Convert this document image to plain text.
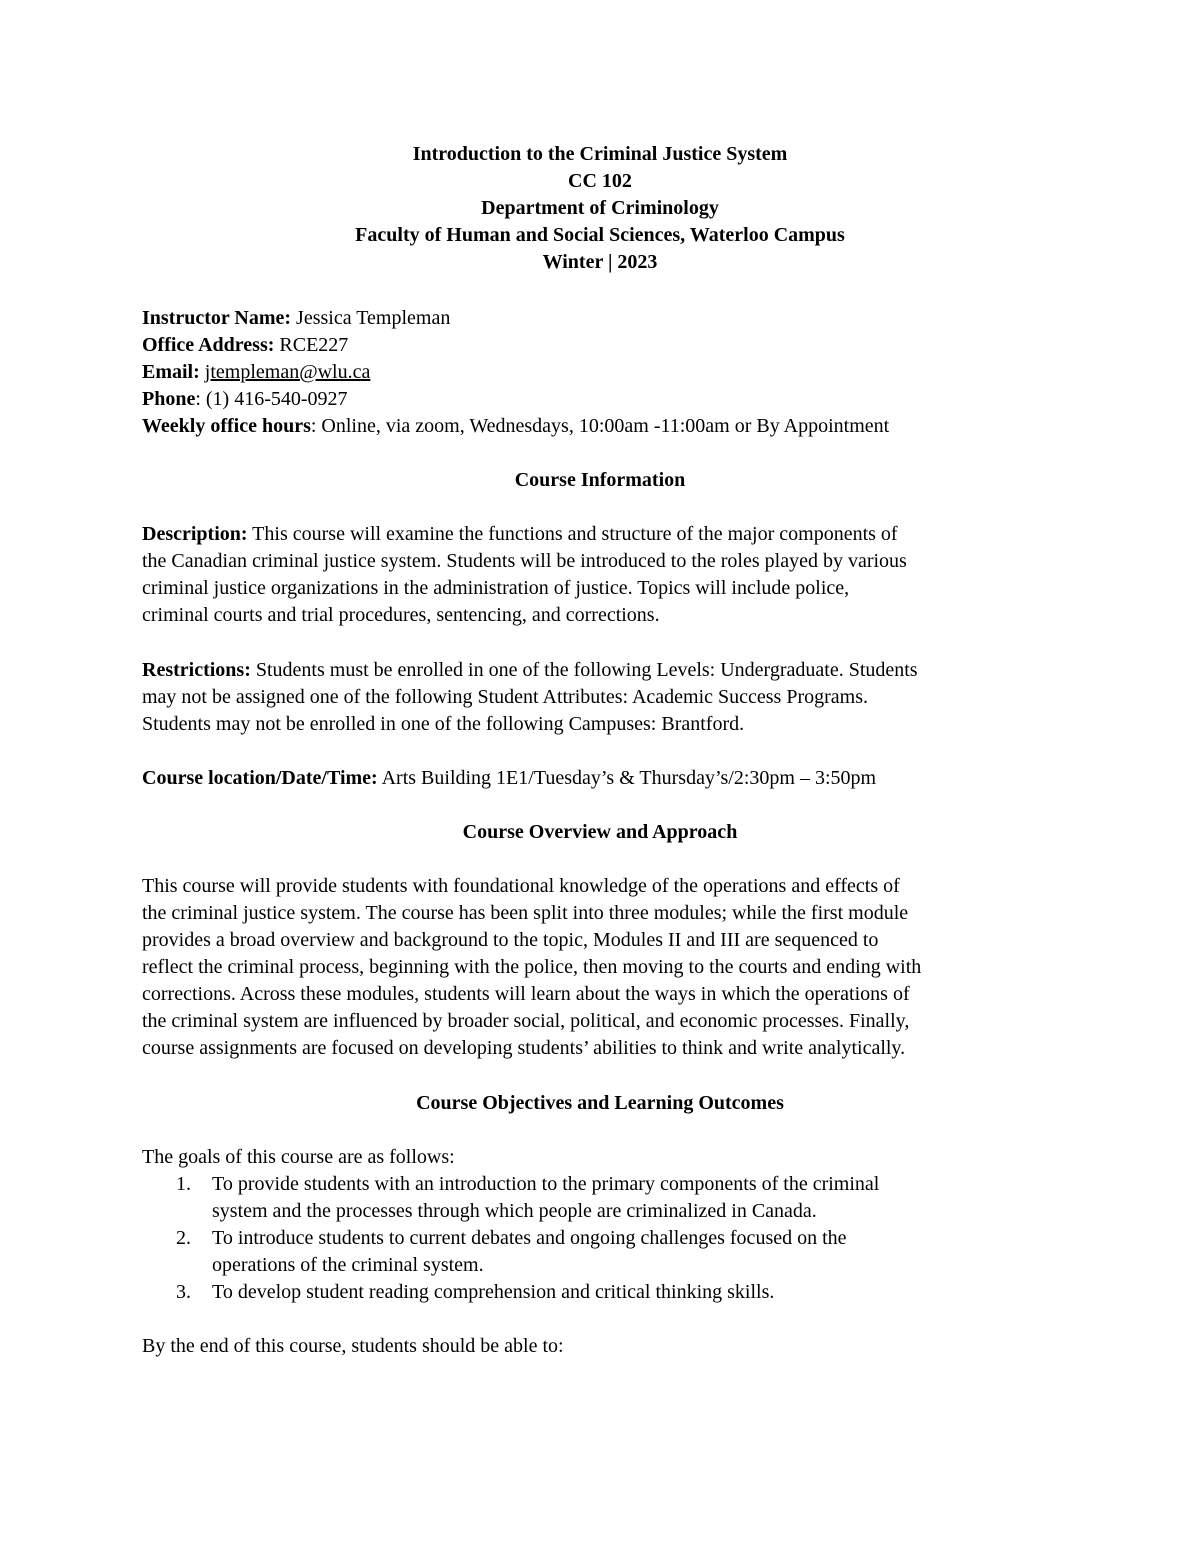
Introduction to the Criminal Justice System
CC 102
Department of Criminology
Faculty of Human and Social Sciences, Waterloo Campus
Winter | 2023
Instructor Name: Jessica Templeman
Office Address: RCE227
Email: jtempleman@wlu.ca
Phone: (1) 416-540-0927
Weekly office hours: Online, via zoom, Wednesdays, 10:00am -11:00am or By Appointment
Course Information
Description: This course will examine the functions and structure of the major components of
the Canadian criminal justice system. Students will be introduced to the roles played by various
criminal justice organizations in the administration of justice. Topics will include police,
criminal courts and trial procedures, sentencing, and corrections.
Restrictions: Students must be enrolled in one of the following Levels: Undergraduate. Students
may not be assigned one of the following Student Attributes: Academic Success Programs.
Students may not be enrolled in one of the following Campuses: Brantford.
Course location/Date/Time: Arts Building 1E1/Tuesday’s & Thursday’s/2:30pm – 3:50pm
Course Overview and Approach
This course will provide students with foundational knowledge of the operations and effects of
the criminal justice system. The course has been split into three modules; while the first module
provides a broad overview and background to the topic, Modules II and III are sequenced to
reflect the criminal process, beginning with the police, then moving to the courts and ending with
corrections. Across these modules, students will learn about the ways in which the operations of
the criminal system are influenced by broader social, political, and economic processes. Finally,
course assignments are focused on developing students’ abilities to think and write analytically.
Course Objectives and Learning Outcomes
The goals of this course are as follows:
1. To provide students with an introduction to the primary components of the criminal
system and the processes through which people are criminalized in Canada.
2. To introduce students to current debates and ongoing challenges focused on the
operations of the criminal system.
3. To develop student reading comprehension and critical thinking skills.
By the end of this course, students should be able to:
